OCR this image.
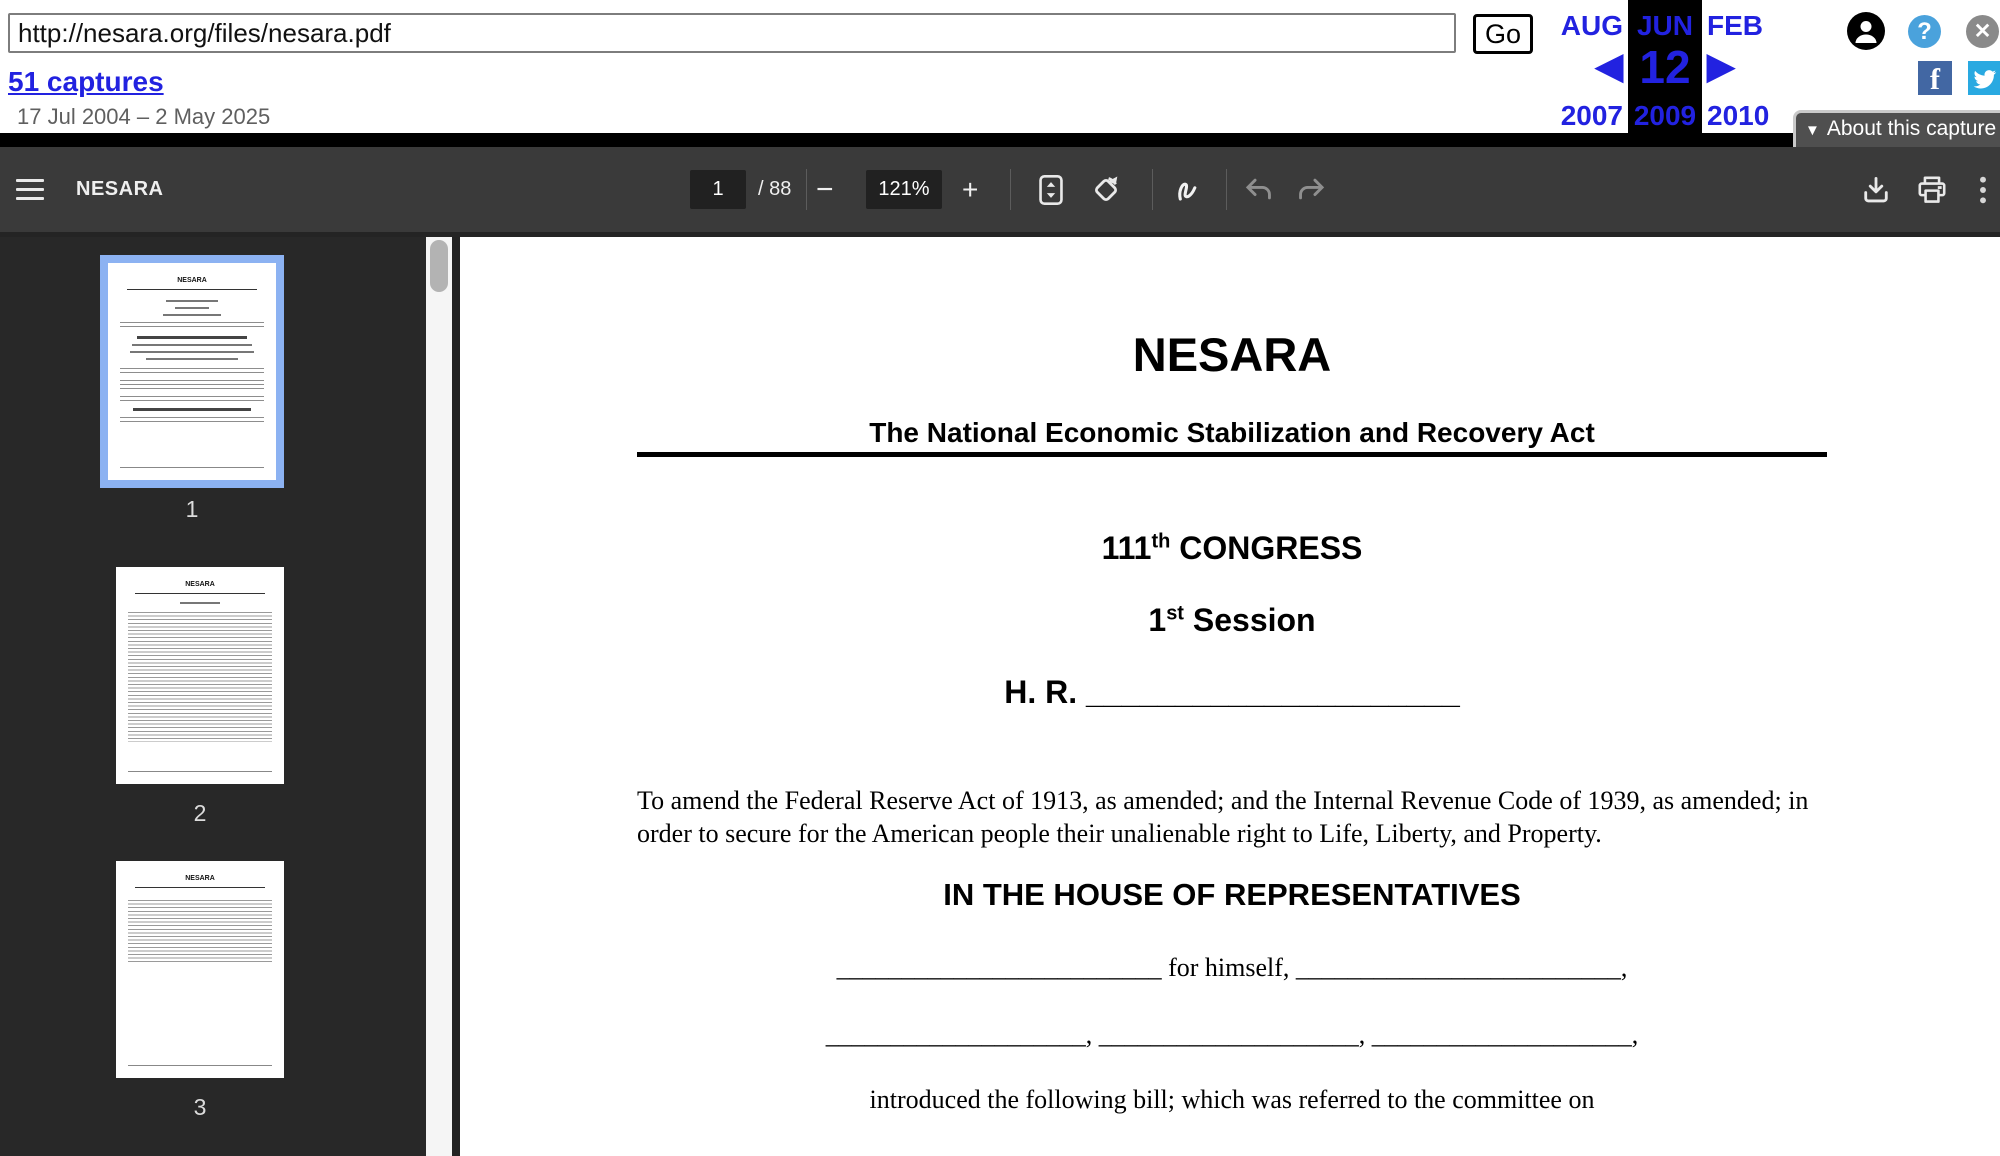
http://nesara.org/files/nesara.pdf
Go
51 captures
17 Jul 2004 – 2 May 2025
AUG JUN FEB
◀ 12 ▶
2007 2009 2010
?	✕
f
▼ About this capture
NESARA	1	/ 88 −	121%	+
NESARA
1
NESARA
2
NESARA
3
NESARA
The National Economic Stabilization and Recovery Act
111th CONGRESS
1st Session
H. R. _____________________
To amend the Federal Reserve Act of 1913, as amended; and the Internal Revenue Code of 1939, as amended; in order to secure for the American people their unalienable right to Life, Liberty, and Property.
IN THE HOUSE OF REPRESENTATIVES
_________________________ for himself, _________________________,
____________________, ____________________, ____________________,
introduced the following bill; which was referred to the committee on
